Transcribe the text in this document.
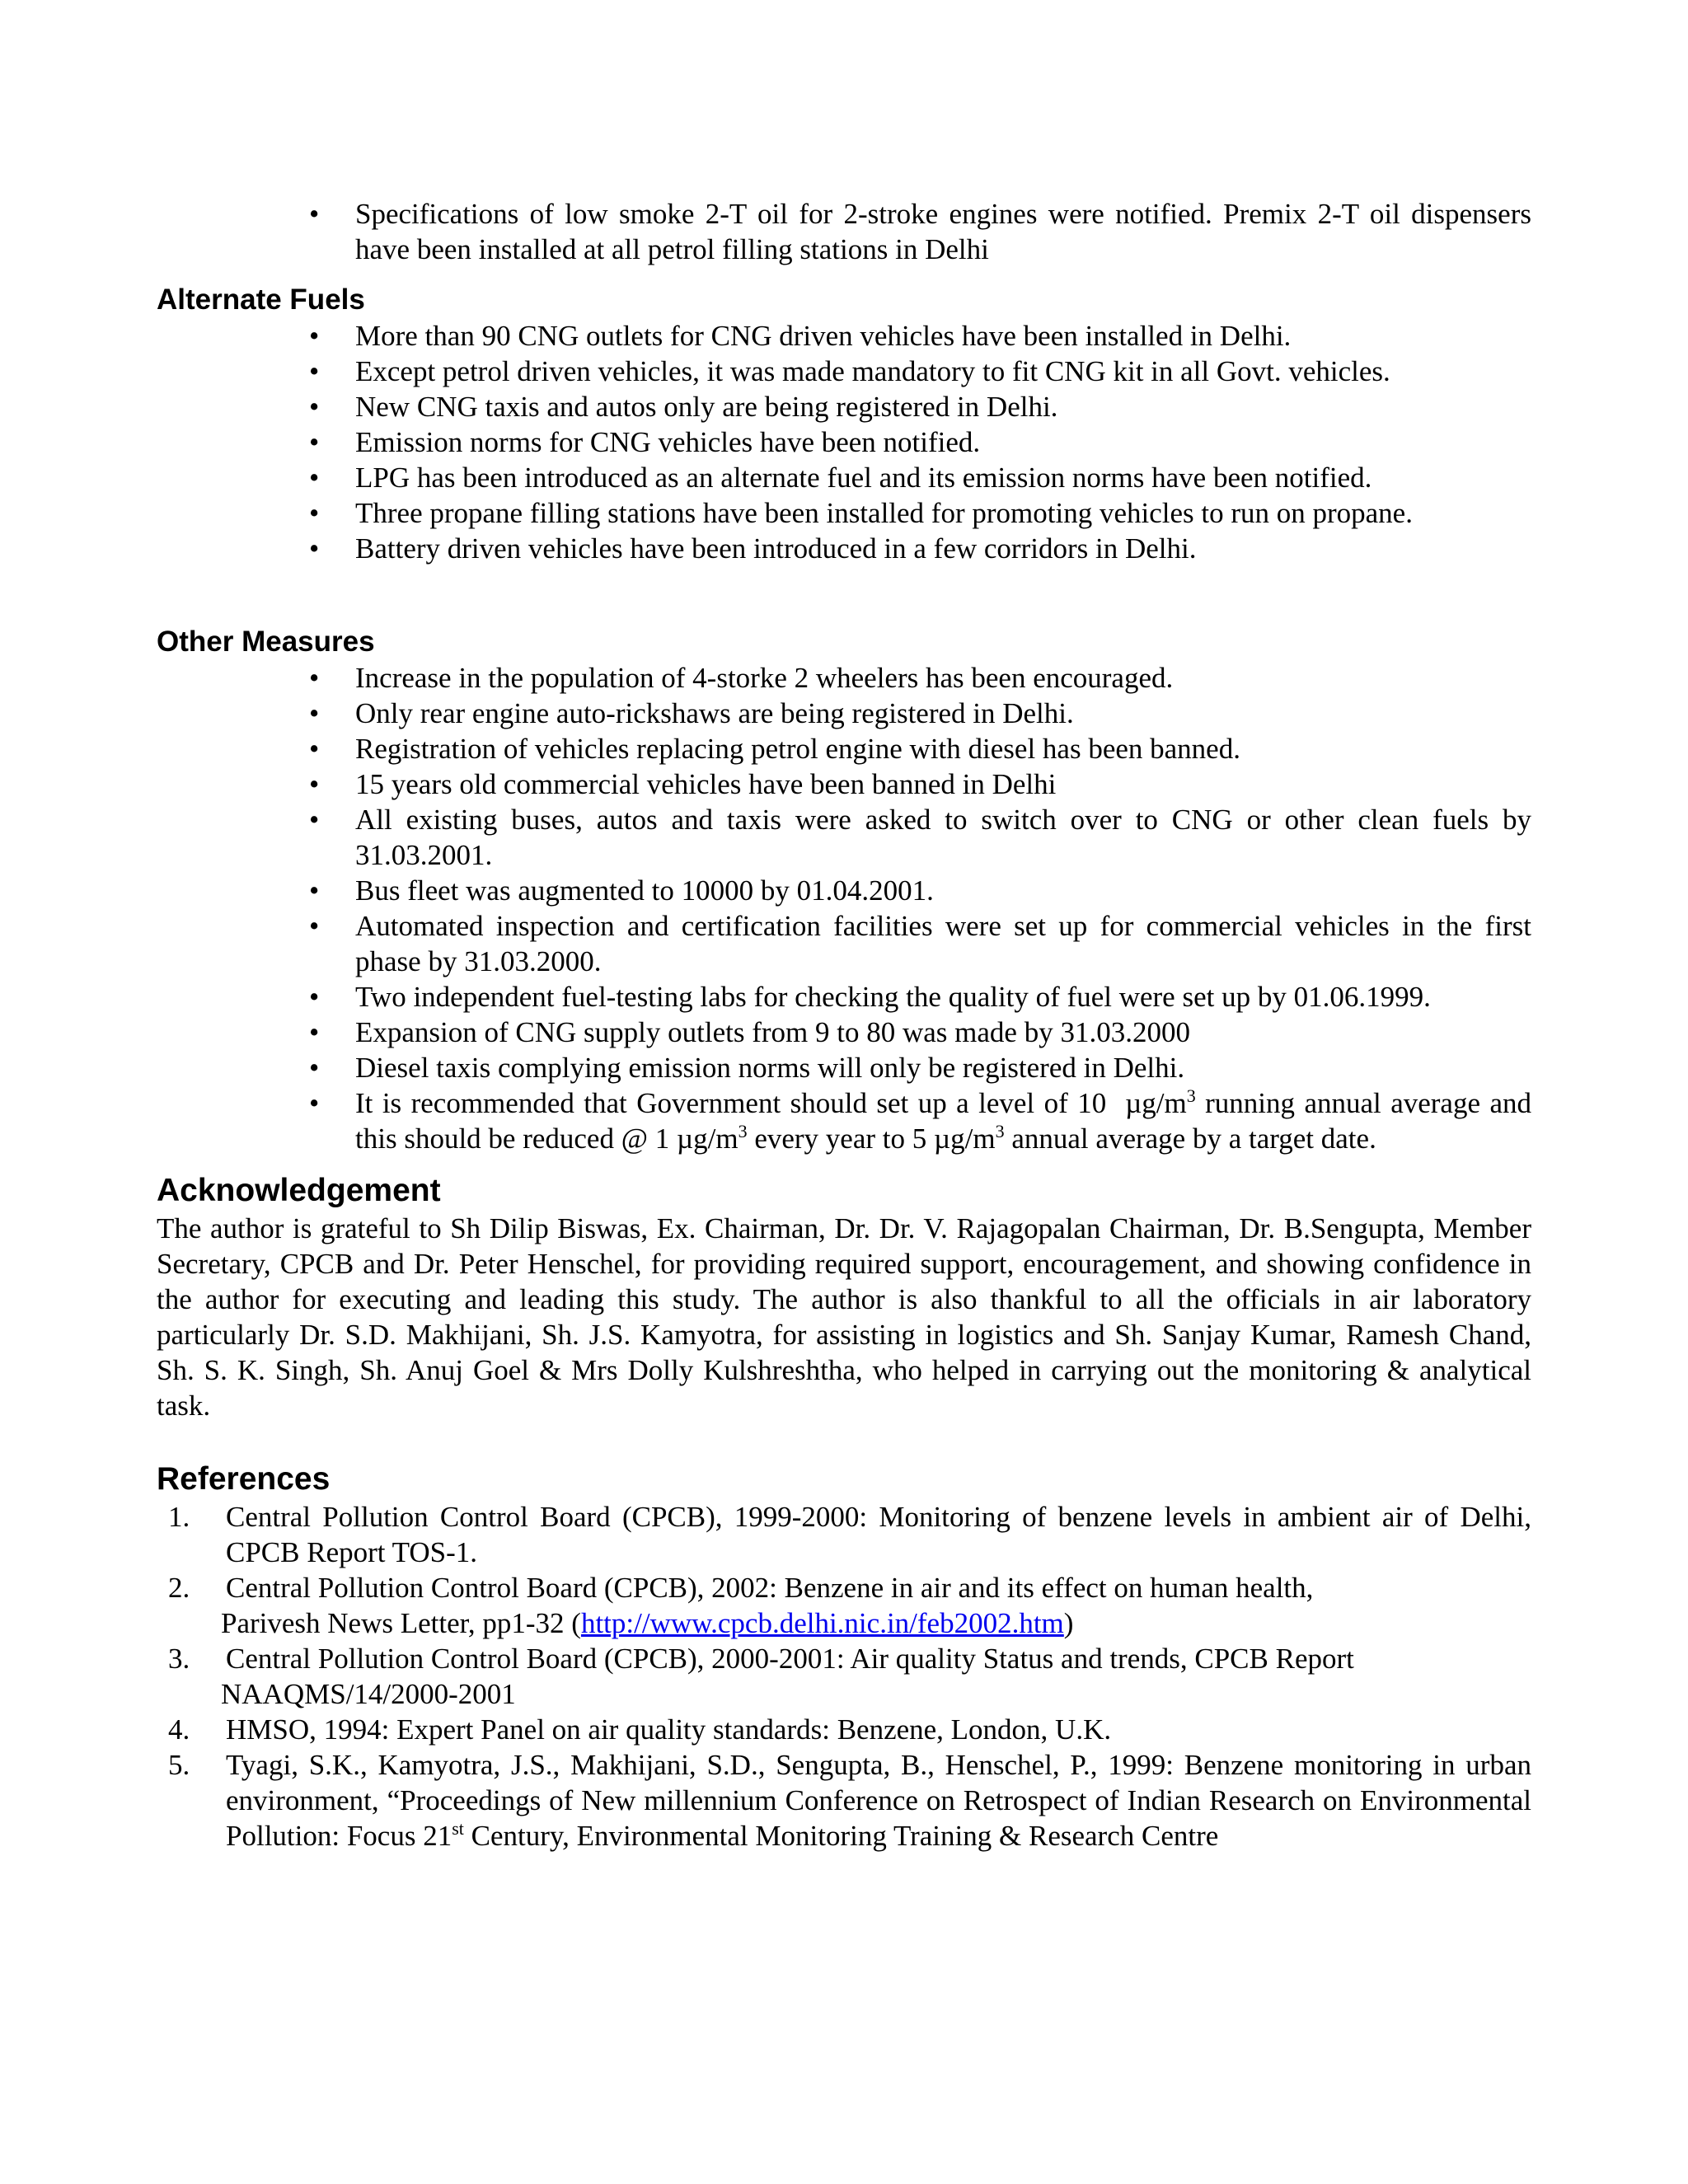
• Specifications of low smoke 2-T oil for 2-stroke engines were notified. Premix 2-T oil dispensers have been installed at all petrol filling stations in Delhi
Alternate Fuels
• More than 90 CNG outlets for CNG driven vehicles have been installed in Delhi.
• Except petrol driven vehicles, it was made mandatory to fit CNG kit in all Govt. vehicles.
• New CNG taxis and autos only are being registered in Delhi.
• Emission norms for CNG vehicles have been notified.
• LPG has been introduced as an alternate fuel and its emission norms have been notified.
• Three propane filling stations have been installed for promoting vehicles to run on propane.
• Battery driven vehicles have been introduced in a few corridors in Delhi.
Other Measures
• Increase in the population of 4-storke 2 wheelers has been encouraged.
• Only rear engine auto-rickshaws are being registered in Delhi.
• Registration of vehicles replacing petrol engine with diesel has been banned.
• 15 years old commercial vehicles have been banned in Delhi
• All existing buses, autos and taxis were asked to switch over to CNG or other clean fuels by 31.03.2001.
• Bus fleet was augmented to 10000 by 01.04.2001.
• Automated inspection and certification facilities were set up for commercial vehicles in the first phase by 31.03.2000.
• Two independent fuel-testing labs for checking the quality of fuel were set up by 01.06.1999.
• Expansion of CNG supply outlets from 9 to 80 was made by 31.03.2000
• Diesel taxis complying emission norms will only be registered in Delhi.
• It is recommended that Government should set up a level of 10  $\mu g/m^3$ running annual average and this should be reduced @ 1 $\mu g/m^3$ every year to 5 $\mu g/m^3$ annual average by a target date.
Acknowledgement

The author is grateful to Sh Dilip Biswas, Ex. Chairman, Dr. Dr. V. Rajagopalan Chairman, Dr. B.Sengupta, Member Secretary, CPCB and Dr. Peter Henschel, for providing required support, encouragement, and showing confidence in the author for executing and leading this study. The author is also thankful to all the officials in air laboratory particularly Dr. S.D. Makhijani, Sh. J.S. Kamyotra, for assisting in logistics and Sh. Sanjay Kumar, Ramesh Chand, Sh. S. K. Singh, Sh. Anuj Goel & Mrs Dolly Kulshreshtha, who helped in carrying out the monitoring & analytical task.

References
1. Central Pollution Control Board (CPCB), 1999-2000: Monitoring of benzene levels in ambient air of Delhi, CPCB Report TOS-1.
2. Central Pollution Control Board (CPCB), 2002: Benzene in air and its effect on human health,
Parivesh News Letter, pp1-32 (http://www.cpcb.delhi.nic.in/feb2002.htm)
3. Central Pollution Control Board (CPCB), 2000-2001: Air quality Status and trends, CPCB Report
NAAQMS/14/2000-2001
4. HMSO, 1994: Expert Panel on air quality standards: Benzene, London, U.K.
5. Tyagi, S.K., Kamyotra, J.S., Makhijani, S.D., Sengupta, B., Henschel, P., 1999: Benzene monitoring in urban environment, “Proceedings of New millennium Conference on Retrospect of Indian Research on Environmental Pollution: Focus 21st Century, Environmental Monitoring Training & Research Centre
